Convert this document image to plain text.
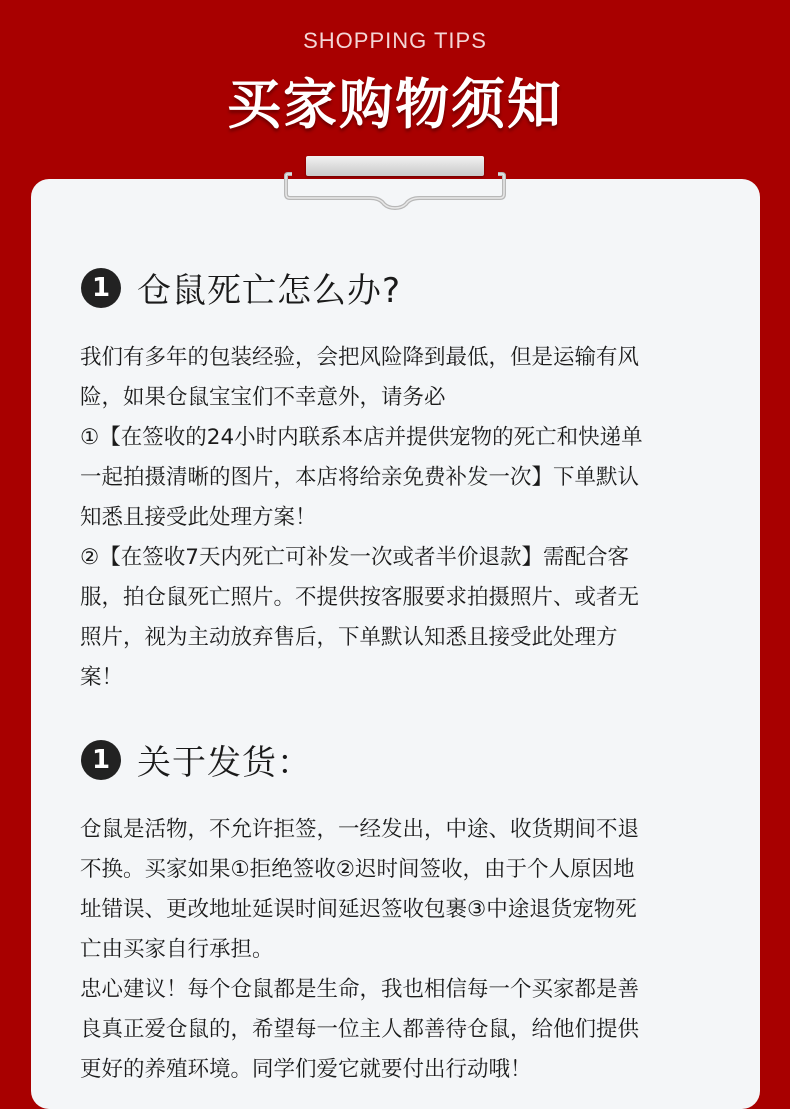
SHOPPING TIPS
买家购物须知
1 仓鼠死亡怎么办?
我们有多年的包装经验，会把风险降到最低，但是运输有风
险，如果仓鼠宝宝们不幸意外，请务必
①【在签收的24小时内联系本店并提供宠物的死亡和快递单
一起拍摄清晰的图片，本店将给亲免费补发一次】下单默认
知悉且接受此处理方案！
②【在签收7天内死亡可补发一次或者半价退款】需配合客
服，拍仓鼠死亡照片。不提供按客服要求拍摄照片、或者无
照片，视为主动放弃售后，下单默认知悉且接受此处理方
案！
1 关于发货：
仓鼠是活物，不允许拒签，一经发出，中途、收货期间不退
不换。买家如果①拒绝签收②迟时间签收，由于个人原因地
址错误、更改地址延误时间延迟签收包裹③中途退货宠物死
亡由买家自行承担。
忠心建议！每个仓鼠都是生命，我也相信每一个买家都是善
良真正爱仓鼠的，希望每一位主人都善待仓鼠，给他们提供
更好的养殖环境。同学们爱它就要付出行动哦！
